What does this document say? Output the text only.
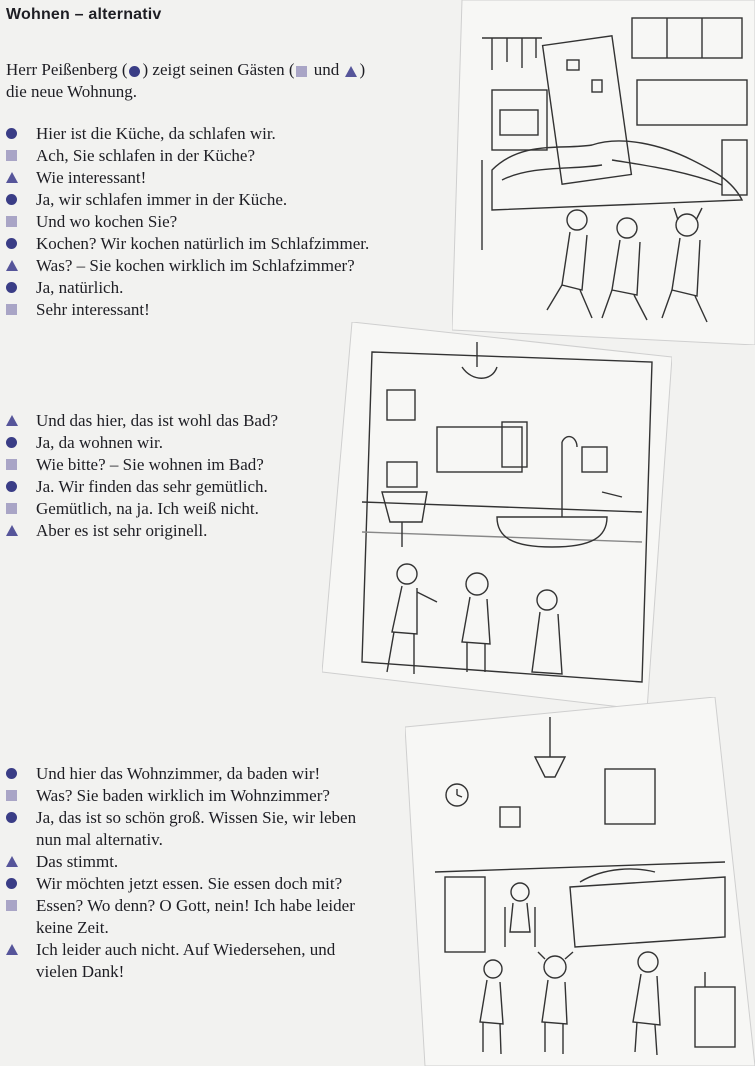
Wohnen – alternativ
Herr Peißenberg ( ) zeigt seinen Gästen ( und )
die neue Wohnung.
Hier ist die Küche, da schlafen wir.
Ach, Sie schlafen in der Küche?
Wie interessant!
Ja, wir schlafen immer in der Küche.
Und wo kochen Sie?
Kochen? Wir kochen natürlich im Schlafzimmer.
Was? – Sie kochen wirklich im Schlafzimmer?
Ja, natürlich.
Sehr interessant!
Und das hier, das ist wohl das Bad?
Ja, da wohnen wir.
Wie bitte? – Sie wohnen im Bad?
Ja. Wir finden das sehr gemütlich.
Gemütlich, na ja. Ich weiß nicht.
Aber es ist sehr originell.
Und hier das Wohnzimmer, da baden wir!
Was? Sie baden wirklich im Wohnzimmer?
Ja, das ist so schön groß. Wissen Sie, wir leben
nun mal alternativ.
Das stimmt.
Wir möchten jetzt essen. Sie essen doch mit?
Essen? Wo denn? O Gott, nein! Ich habe leider
keine Zeit.
Ich leider auch nicht. Auf Wiedersehen, und
vielen Dank!
